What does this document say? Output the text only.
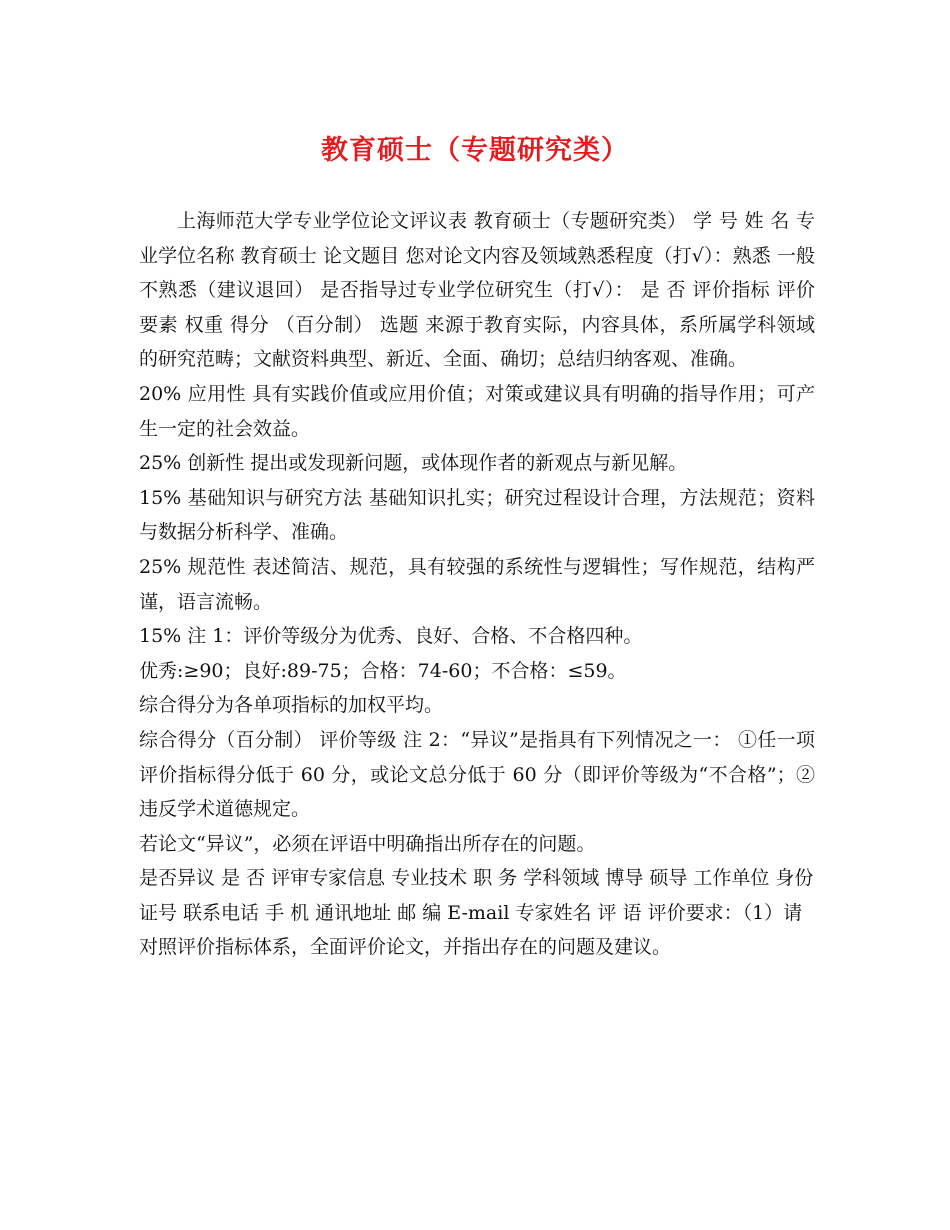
教育硕士（专题研究类）

上海师范大学专业学位论文评议表 教育硕士（专题研究类） 学 号 姓 名 专业学位名称 教育硕士 论文题目 您对论文内容及领域熟悉程度（打√）：熟悉 一般 不熟悉（建议退回） 是否指导过专业学位研究生（打√）： 是 否 评价指标 评价要素 权重 得分 （百分制） 选题 来源于教育实际，内容具体，系所属学科领域的研究范畴；文献资料典型、新近、全面、确切；总结归纳客观、准确。

20% 应用性 具有实践价值或应用价值；对策或建议具有明确的指导作用；可产生一定的社会效益。

25% 创新性 提出或发现新问题，或体现作者的新观点与新见解。

15% 基础知识与研究方法 基础知识扎实；研究过程设计合理，方法规范；资料与数据分析科学、准确。

25% 规范性 表述简洁、规范，具有较强的系统性与逻辑性；写作规范，结构严谨，语言流畅。

15% 注 1：评价等级分为优秀、良好、合格、不合格四种。

优秀:≥90；良好:89-75；合格：74-60；不合格：≤59。

综合得分为各单项指标的加权平均。

综合得分（百分制） 评价等级 注 2：“异议”是指具有下列情况之一： ①任一项评价指标得分低于 60 分，或论文总分低于 60 分（即评价等级为“不合格”；②违反学术道德规定。

若论文“异议”，必须在评语中明确指出所存在的问题。

是否异议 是 否 评审专家信息 专业技术 职 务 学科领域 博导 硕导 工作单位 身份证号 联系电话 手 机 通讯地址 邮 编 E-mail 专家姓名 评 语 评价要求：（1）请对照评价指标体系，全面评价论文，并指出存在的问题及建议。
